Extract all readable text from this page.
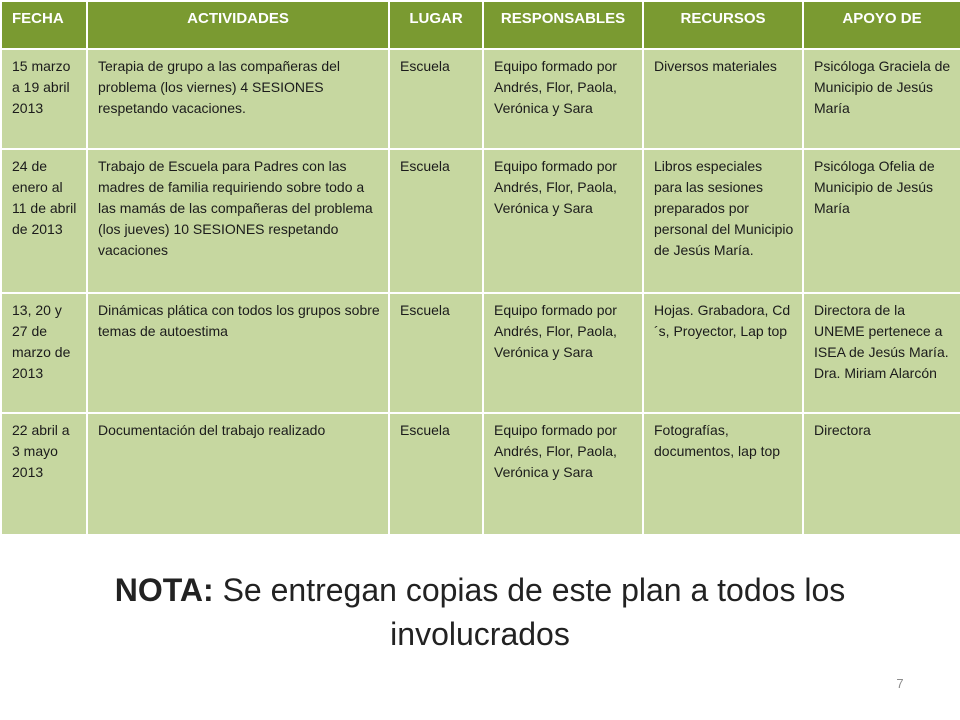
FECHA	ACTIVIDADES	LUGAR	RESPONSABLES	RECURSOS	APOYO DE
15 marzo a 19 abril 2013	Terapia de grupo a las compañeras del problema (los viernes) 4 SESIONES respetando vacaciones.	Escuela	Equipo formado por Andrés, Flor, Paola, Verónica y Sara	Diversos materiales	Psicóloga Graciela de Municipio de Jesús María
24 de enero al 11 de abril de 2013	Trabajo de Escuela para Padres con las madres de familia requiriendo sobre todo a las mamás de las compañeras del problema (los jueves) 10 SESIONES respetando vacaciones	Escuela	Equipo formado por Andrés, Flor, Paola, Verónica y Sara	Libros especiales para las sesiones preparados por personal del Municipio de Jesús María.	Psicóloga Ofelia de Municipio de Jesús María
13, 20 y 27 de marzo de 2013	Dinámicas plática con todos los grupos sobre temas de autoestima	Escuela	Equipo formado por Andrés, Flor, Paola, Verónica y Sara	Hojas. Grabadora, Cd´s, Proyector, Lap top	Directora de la UNEME pertenece a ISEA de Jesús María. Dra. Miriam Alarcón
22 abril a 3 mayo 2013	Documentación del trabajo realizado	Escuela	Equipo formado por Andrés, Flor, Paola, Verónica y Sara	Fotografías, documentos, lap top	Directora
NOTA: Se entregan copias de este plan a todos los involucrados
7
